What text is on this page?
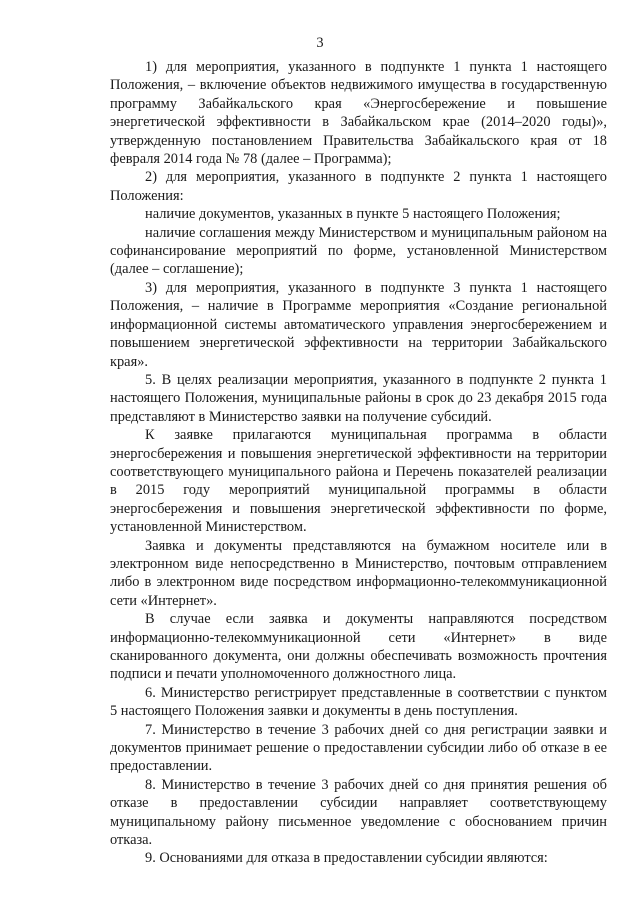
3

1) для мероприятия, указанного в подпункте 1 пункта 1 настоящего Положения, – включение объектов недвижимого имущества в государственную программу Забайкальского края «Энергосбережение и повышение энергетической эффективности в Забайкальском крае (2014–2020 годы)», утвержденную постановлением Правительства Забайкальского края от 18 февраля 2014 года № 78 (далее – Программа);

2) для мероприятия, указанного в подпункте 2 пункта 1 настоящего Положения:

наличие документов, указанных в пункте 5 настоящего Положения;

наличие соглашения между Министерством и муниципальным районом на софинансирование мероприятий по форме, установленной Министерством (далее – соглашение);

3) для мероприятия, указанного в подпункте 3 пункта 1 настоящего Положения, – наличие в Программе мероприятия «Создание региональной информационной системы автоматического управления энергосбережением и повышением энергетической эффективности на территории Забайкальского края».

5. В целях реализации мероприятия, указанного в подпункте 2 пункта 1 настоящего Положения, муниципальные районы в срок до 23 декабря 2015 года представляют в Министерство заявки на получение субсидий.

К заявке прилагаются муниципальная программа в области энергосбережения и повышения энергетической эффективности на территории соответствующего муниципального района и Перечень показателей реализации в 2015 году мероприятий муниципальной программы в области энергосбережения и повышения энергетической эффективности по форме, установленной Министерством.

Заявка и документы представляются на бумажном носителе или в электронном виде непосредственно в Министерство, почтовым отправлением либо в электронном виде посредством информационно-телекоммуникационной сети «Интернет».

В случае если заявка и документы направляются посредством информационно-телекоммуникационной сети «Интернет» в виде сканированного документа, они должны обеспечивать возможность прочтения подписи и печати уполномоченного должностного лица.

6. Министерство регистрирует представленные в соответствии с пунктом 5 настоящего Положения заявки и документы в день поступления.

7. Министерство в течение 3 рабочих дней со дня регистрации заявки и документов принимает решение о предоставлении субсидии либо об отказе в ее предоставлении.

8. Министерство в течение 3 рабочих дней со дня принятия решения об отказе в предоставлении субсидии направляет соответствующему муниципальному району письменное уведомление с обоснованием причин отказа.

9. Основаниями для отказа в предоставлении субсидии являются:
